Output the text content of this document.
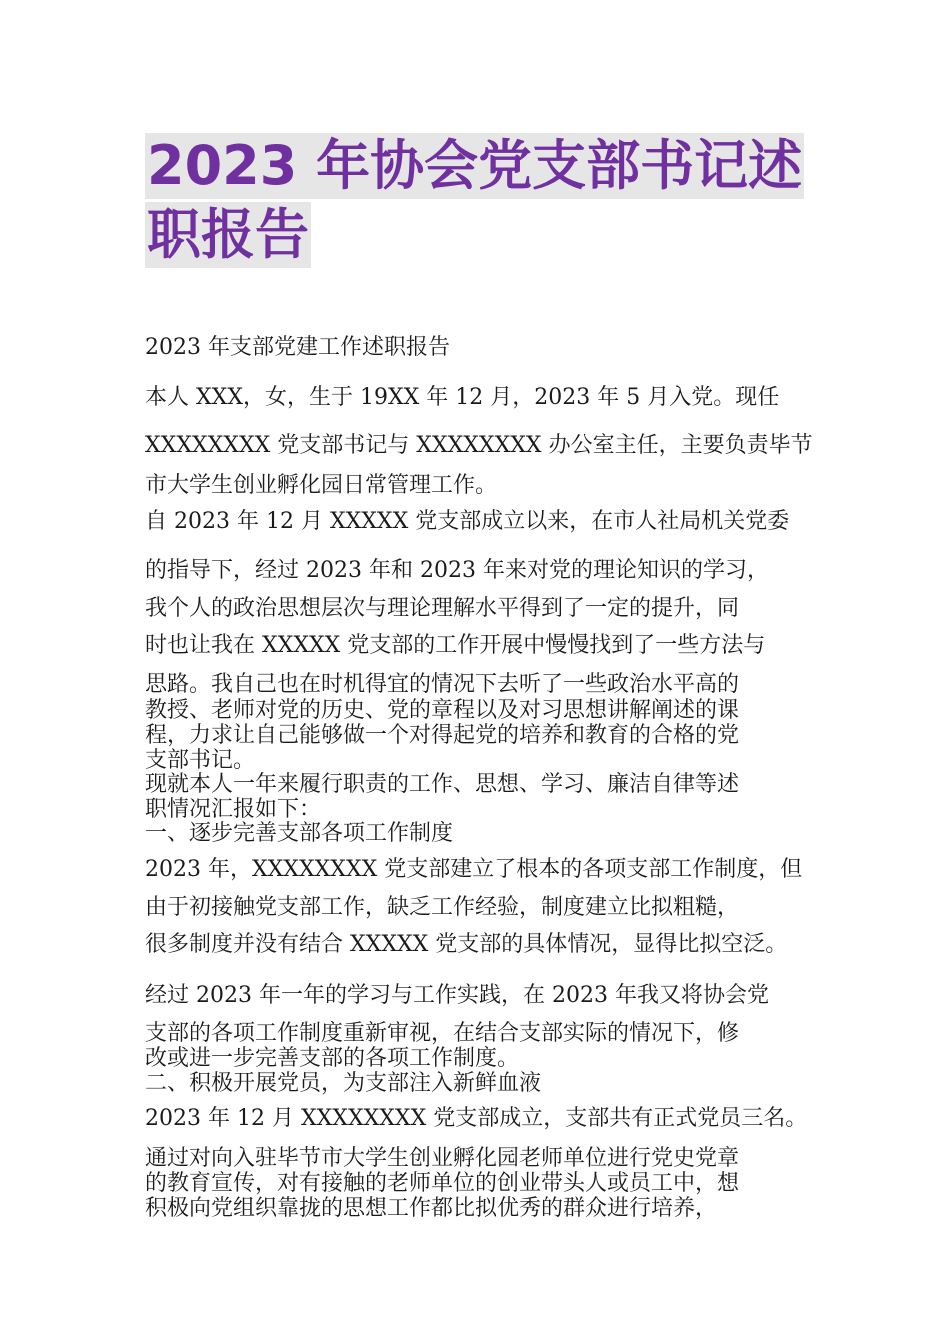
2023 年协会党支部书记述
职报告
2023 年支部党建工作述职报告
本人 XXX，女，生于 19XX 年 12 月，2023 年 5 月入党。现任
XXXXXXXX 党支部书记与 XXXXXXXX 办公室主任，主要负责毕节
市大学生创业孵化园日常管理工作。
自 2023 年 12 月 XXXXX 党支部成立以来，在市人社局机关党委
的指导下，经过 2023 年和 2023 年来对党的理论知识的学习，
我个人的政治思想层次与理论理解水平得到了一定的提升，同
时也让我在 XXXXX 党支部的工作开展中慢慢找到了一些方法与
思路。我自己也在时机得宜的情况下去听了一些政治水平高的
教授、老师对党的历史、党的章程以及对习思想讲解阐述的课
程，力求让自己能够做一个对得起党的培养和教育的合格的党
支部书记。
现就本人一年来履行职责的工作、思想、学习、廉洁自律等述
职情况汇报如下：
一、逐步完善支部各项工作制度
2023 年，XXXXXXXX 党支部建立了根本的各项支部工作制度，但
由于初接触党支部工作，缺乏工作经验，制度建立比拟粗糙，
很多制度并没有结合 XXXXX 党支部的具体情况，显得比拟空泛。
经过 2023 年一年的学习与工作实践，在 2023 年我又将协会党
支部的各项工作制度重新审视，在结合支部实际的情况下，修
改或进一步完善支部的各项工作制度。
二、积极开展党员，为支部注入新鲜血液
2023 年 12 月 XXXXXXXX 党支部成立，支部共有正式党员三名。
通过对向入驻毕节市大学生创业孵化园老师单位进行党史党章
的教育宣传，对有接触的老师单位的创业带头人或员工中，想
积极向党组织靠拢的思想工作都比拟优秀的群众进行培养，
